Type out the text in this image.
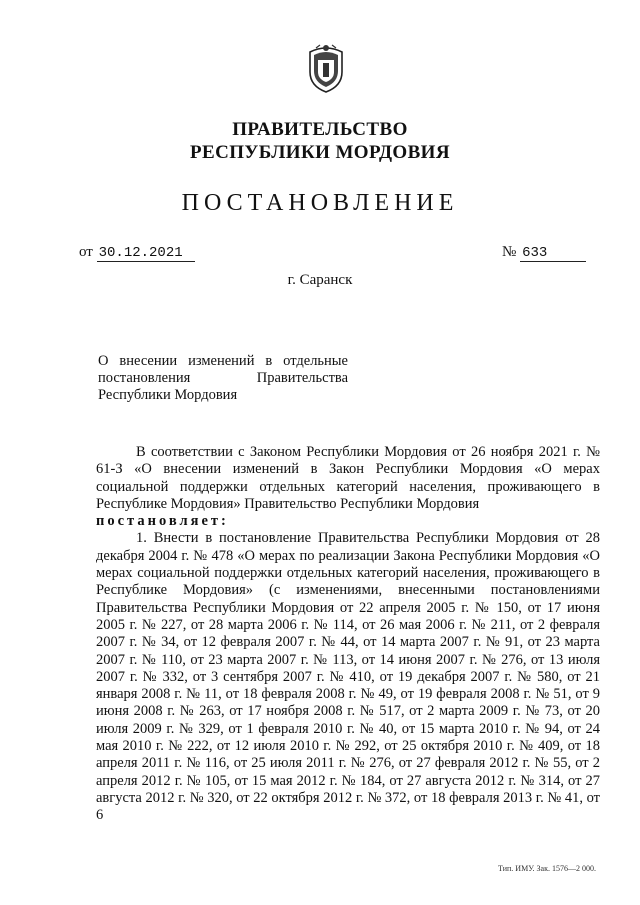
ПРАВИТЕЛЬСТВО
РЕСПУБЛИКИ МОРДОВИЯ
ПОСТАНОВЛЕНИЕ
от 30.12.2021	№ 633
г. Саранск
О внесении изменений в отдельные
постановления Правительства
Республики Мордовия

В соответствии с Законом Республики Мордовия от 26 ноября 2021 г. № 61-З «О внесении изменений в Закон Республики Мордовия «О мерах социальной поддержки отдельных категорий населения, проживающего в Республике Мордовия» Правительство Республики Мордовия
постановляет:

1. Внести в постановление Правительства Республики Мордовия от 28 декабря 2004 г. № 478 «О мерах по реализации Закона Республики Мордовия «О мерах социальной поддержки отдельных категорий населения, проживающего в Республике Мордовия» (с изменениями, внесенными постановлениями Правительства Республики Мордовия от 22 апреля 2005 г. № 150, от 17 июня 2005 г. № 227, от 28 марта 2006 г. № 114, от 26 мая 2006 г. № 211, от 2 февраля 2007 г. № 34, от 12 февраля 2007 г. № 44, от 14 марта 2007 г. № 91, от 23 марта 2007 г. № 110, от 23 марта 2007 г. № 113, от 14 июня 2007 г. № 276, от 13 июля 2007 г. № 332, от 3 сентября 2007 г. № 410, от 19 декабря 2007 г. № 580, от 21 января 2008 г. № 11, от 18 февраля 2008 г. № 49, от 19 февраля 2008 г. № 51, от 9 июня 2008 г. № 263, от 17 ноября 2008 г. № 517, от 2 марта 2009 г. № 73, от 20 июля 2009 г. № 329, от 1 февраля 2010 г. № 40, от 15 марта 2010 г. № 94, от 24 мая 2010 г. № 222, от 12 июля 2010 г. № 292, от 25 октября 2010 г. № 409, от 18 апреля 2011 г. № 116, от 25 июля 2011 г. № 276, от 27 февраля 2012 г. № 55, от 2 апреля 2012 г. № 105, от 15 мая 2012 г. № 184, от 27 августа 2012 г. № 314, от 27 августа 2012 г. № 320, от 22 октября 2012 г. № 372, от 18 февраля 2013 г. № 41, от 6

Тип. ИМУ. Зак. 1576—2 000.
